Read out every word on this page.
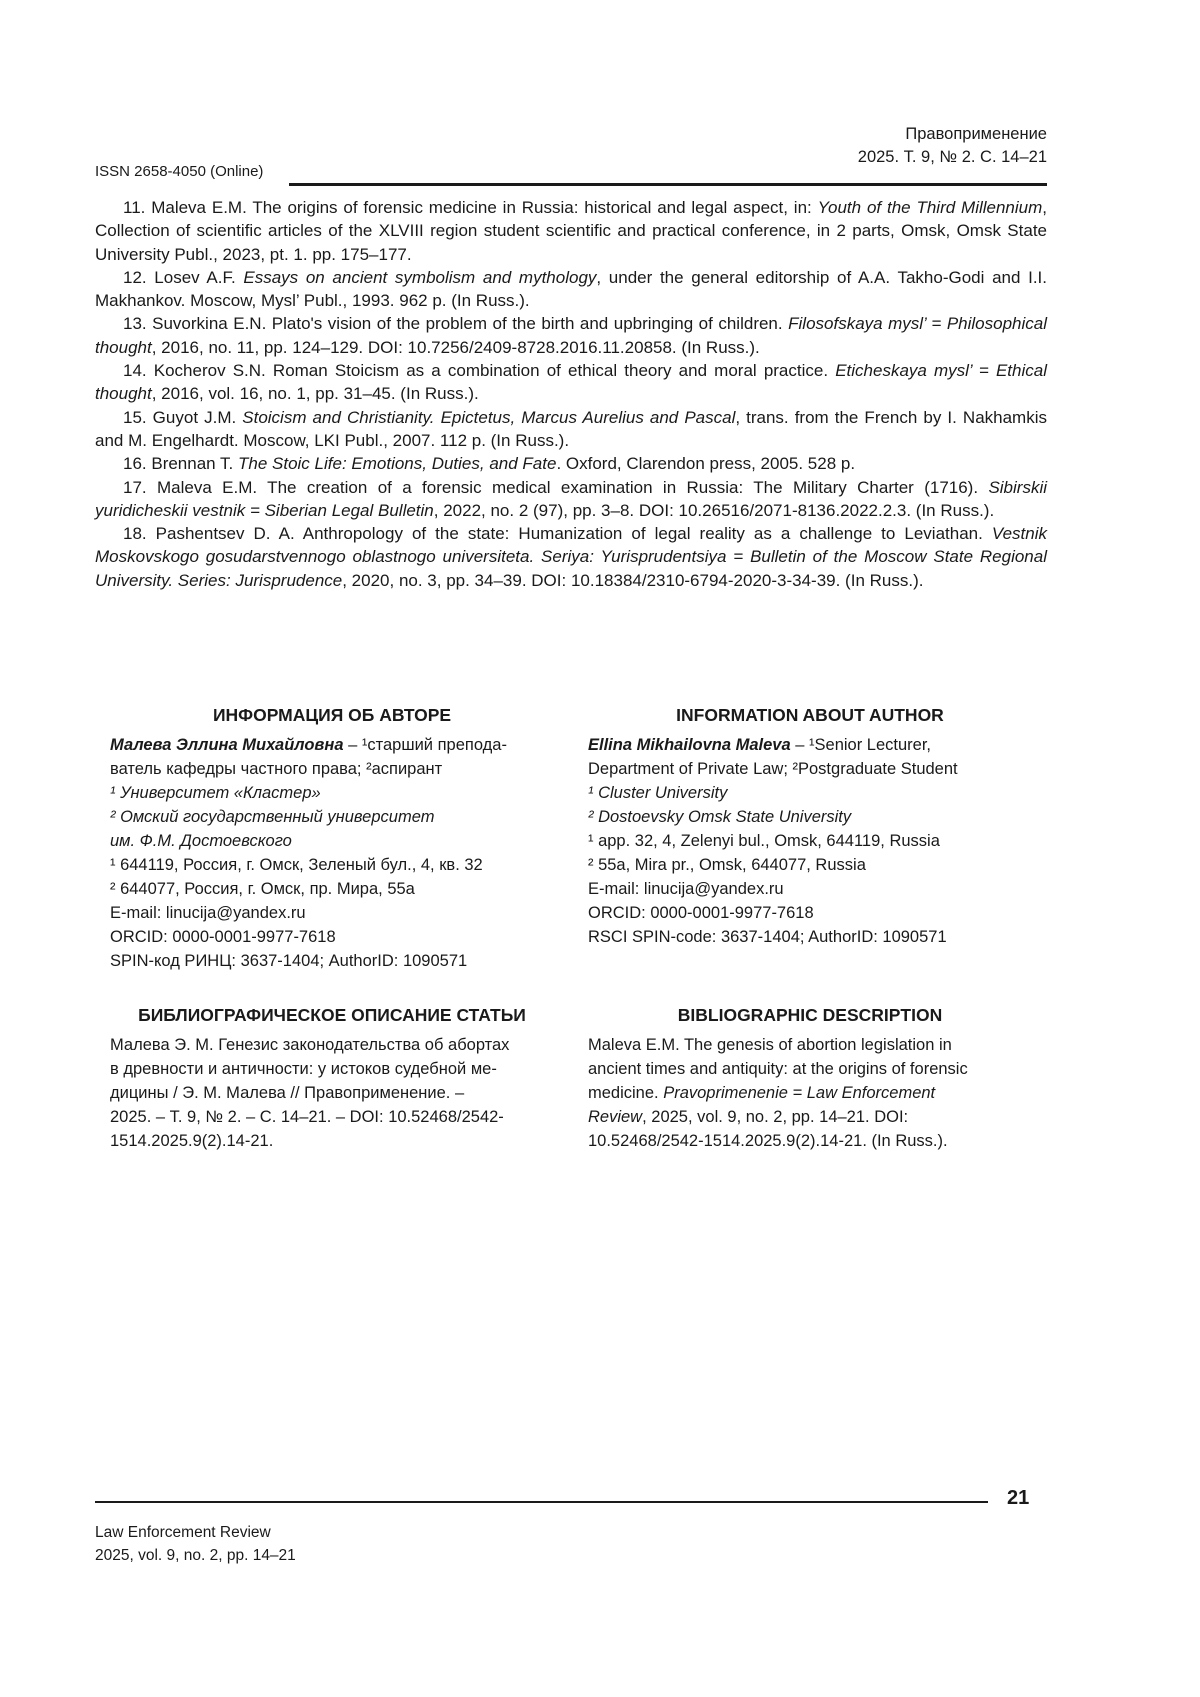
Правоприменение
2025. Т. 9, № 2. С. 14–21
ISSN 2658-4050 (Online)
11. Maleva E.M. The origins of forensic medicine in Russia: historical and legal aspect, in: Youth of the Third Millennium, Collection of scientific articles of the XLVIII region student scientific and practical conference, in 2 parts, Omsk, Omsk State University Publ., 2023, pt. 1. pp. 175–177.
12. Losev A.F. Essays on ancient symbolism and mythology, under the general editorship of A.A. Takho-Godi and I.I. Makhankov. Moscow, Mysl’ Publ., 1993. 962 p. (In Russ.).
13. Suvorkina E.N. Plato's vision of the problem of the birth and upbringing of children. Filosofskaya mysl’ = Philosophical thought, 2016, no. 11, pp. 124–129. DOI: 10.7256/2409-8728.2016.11.20858. (In Russ.).
14. Kocherov S.N. Roman Stoicism as a combination of ethical theory and moral practice. Eticheskaya mysl’ = Ethical thought, 2016, vol. 16, no. 1, pp. 31–45. (In Russ.).
15. Guyot J.M. Stoicism and Christianity. Epictetus, Marcus Aurelius and Pascal, trans. from the French by I. Nakhamkis and M. Engelhardt. Moscow, LKI Publ., 2007. 112 p. (In Russ.).
16. Brennan T. The Stoic Life: Emotions, Duties, and Fate. Oxford, Clarendon press, 2005. 528 p.
17. Maleva E.M. The creation of a forensic medical examination in Russia: The Military Charter (1716). Sibirskii yuridicheskii vestnik = Siberian Legal Bulletin, 2022, no. 2 (97), pp. 3–8. DOI: 10.26516/2071-8136.2022.2.3. (In Russ.).
18. Pashentsev D. A. Anthropology of the state: Humanization of legal reality as a challenge to Leviathan. Vestnik Moskovskogo gosudarstvennogo oblastnogo universiteta. Seriya: Yurisprudentsiya = Bulletin of the Moscow State Regional University. Series: Jurisprudence, 2020, no. 3, pp. 34–39. DOI: 10.18384/2310-6794-2020-3-34-39. (In Russ.).
ИНФОРМАЦИЯ ОБ АВТОРЕ
Малева Эллина Михайловна – ¹старший препода-
ватель кафедры частного права; ²аспирант
¹ Университет «Кластер»
² Омский государственный университет
им. Ф.М. Достоевского
¹ 644119, Россия, г. Омск, Зеленый бул., 4, кв. 32
² 644077, Россия, г. Омск, пр. Мира, 55а
E-mail: linucija@yandex.ru
ORCID: 0000-0001-9977-7618
SPIN-код РИНЦ: 3637-1404; AuthorID: 1090571
INFORMATION ABOUT AUTHOR
Ellina Mikhailovna Maleva – ¹Senior Lecturer,
Department of Private Law; ²Postgraduate Student
¹ Cluster University
² Dostoevsky Omsk State University
¹ app. 32, 4, Zelenyi bul., Omsk, 644119, Russia
² 55a, Mira pr., Omsk, 644077, Russia
E-mail: linucija@yandex.ru
ORCID: 0000-0001-9977-7618
RSCI SPIN-code: 3637-1404; AuthorID: 1090571
БИБЛИОГРАФИЧЕСКОЕ ОПИСАНИЕ СТАТЬИ
Малева Э. М. Генезис законодательства об абортах
в древности и античности: у истоков судебной ме-
дицины / Э. М. Малева // Правоприменение. –
2025. – Т. 9, № 2. – С. 14–21. – DOI: 10.52468/2542-
1514.2025.9(2).14-21.
BIBLIOGRAPHIC DESCRIPTION
Maleva E.M. The genesis of abortion legislation in
ancient times and antiquity: at the origins of forensic
medicine. Pravoprimenenie = Law Enforcement
Review, 2025, vol. 9, no. 2, pp. 14–21. DOI:
10.52468/2542-1514.2025.9(2).14-21. (In Russ.).
21
Law Enforcement Review
2025, vol. 9, no. 2, pp. 14–21
